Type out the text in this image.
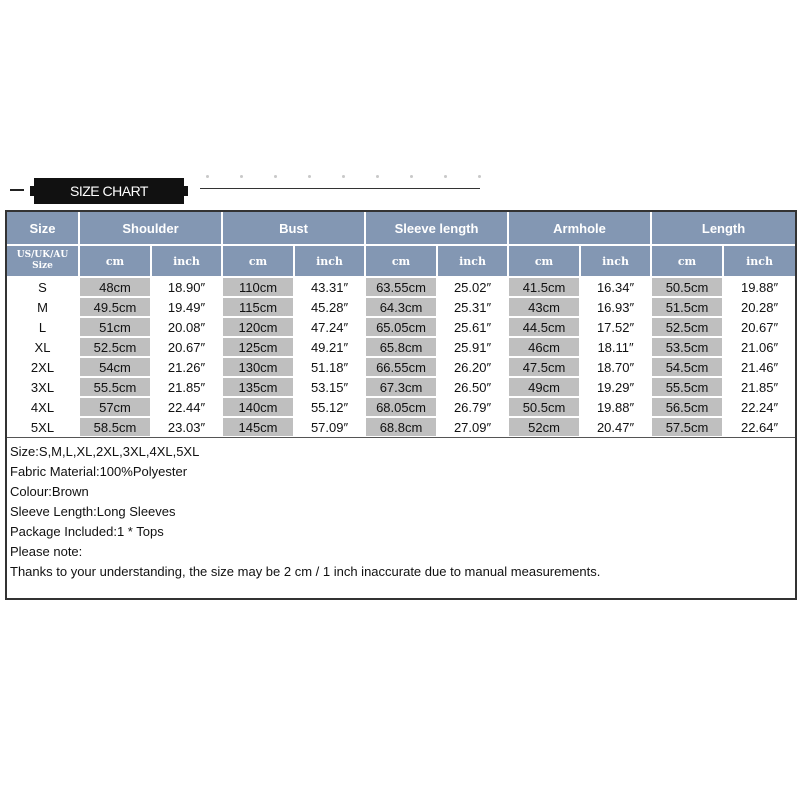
SIZE CHART
Size	Shoulder		Bust		Sleeve length		Armhole		Length	

US/UK/AU
Size	cm	inch	cm	inch	cm	inch	cm	inch	cm	inch
S	48cm	18.90″	110cm	43.31″	63.55cm	25.02″	41.5cm	16.34″	50.5cm	19.88″
M	49.5cm	19.49″	115cm	45.28″	64.3cm	25.31″	43cm	16.93″	51.5cm	20.28″
L	51cm	20.08″	120cm	47.24″	65.05cm	25.61″	44.5cm	17.52″	52.5cm	20.67″
XL	52.5cm	20.67″	125cm	49.21″	65.8cm	25.91″	46cm	18.11″	53.5cm	21.06″
2XL	54cm	21.26″	130cm	51.18″	66.55cm	26.20″	47.5cm	18.70″	54.5cm	21.46″
3XL	55.5cm	21.85″	135cm	53.15″	67.3cm	26.50″	49cm	19.29″	55.5cm	21.85″
4XL	57cm	22.44″	140cm	55.12″	68.05cm	26.79″	50.5cm	19.88″	56.5cm	22.24″
5XL	58.5cm	23.03″	145cm	57.09″	68.8cm	27.09″	52cm	20.47″	57.5cm	22.64″
Size:S,M,L,XL,2XL,3XL,4XL,5XL
Fabric Material:100%Polyester
Colour:Brown
Sleeve Length:Long Sleeves
Package Included:1 * Tops
Please note:
Thanks to your understanding, the size may be 2 cm / 1 inch inaccurate due to manual measurements.
